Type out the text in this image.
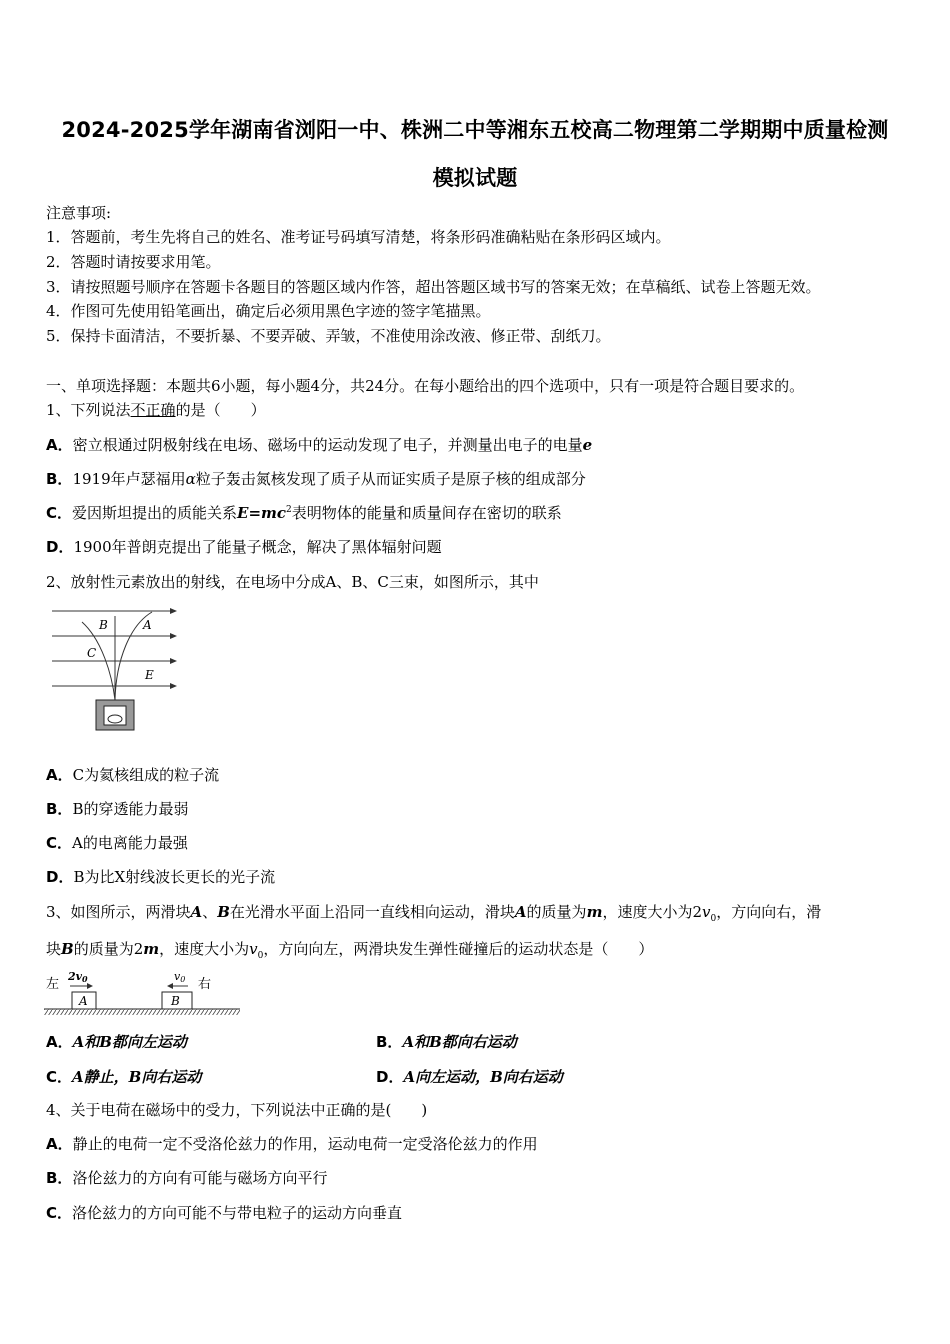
2024-2025学年湖南省浏阳一中、株洲二中等湘东五校高二物理第二学期期中质量检测
模拟试题
注意事项:
1．答题前，考生先将自己的姓名、准考证号码填写清楚，将条形码准确粘贴在条形码区域内。
2．答题时请按要求用笔。
3．请按照题号顺序在答题卡各题目的答题区域内作答，超出答题区域书写的答案无效；在草稿纸、试卷上答题无效。
4．作图可先使用铅笔画出，确定后必须用黑色字迹的签字笔描黑。
5．保持卡面清洁，不要折暴、不要弄破、弄皱，不准使用涂改液、修正带、刮纸刀。
一、单项选择题：本题共6小题，每小题4分，共24分。在每小题给出的四个选项中，只有一项是符合题目要求的。
1、下列说法不正确的是（　　）
A．密立根通过阴极射线在电场、磁场中的运动发现了电子，并测量出电子的电量e
B．1919年卢瑟福用α粒子轰击氮核发现了质子从而证实质子是原子核的组成部分
C．爱因斯坦提出的质能关系$E=mc^2$表明物体的能量和质量间存在密切的联系
D．1900年普朗克提出了能量子概念，解决了黑体辐射问题
2、放射性元素放出的射线，在电场中分成A、B、C三束，如图所示，其中
B	A
C
E
A．C为氦核组成的粒子流
B．B的穿透能力最弱
C．A的电离能力最强
D．B为比X射线波长更长的光子流
3、如图所示，两滑块A、B在光滑水平面上沿同一直线相向运动，滑块A的质量为m，速度大小为$2v_0$，方向向右，滑
块B的质量为2m，速度大小为$v_0$，方向向左，两滑块发生弹性碰撞后的运动状态是（　　）
左	右
2v0	v0
A	B
A．A和B都向左运动	B．A和B都向右运动
C．A静止，B向右运动	D．A向左运动，B向右运动
4、关于电荷在磁场中的受力，下列说法中正确的是(　　)
A．静止的电荷一定不受洛伦兹力的作用，运动电荷一定受洛伦兹力的作用
B．洛伦兹力的方向有可能与磁场方向平行
C．洛伦兹力的方向可能不与带电粒子的运动方向垂直
